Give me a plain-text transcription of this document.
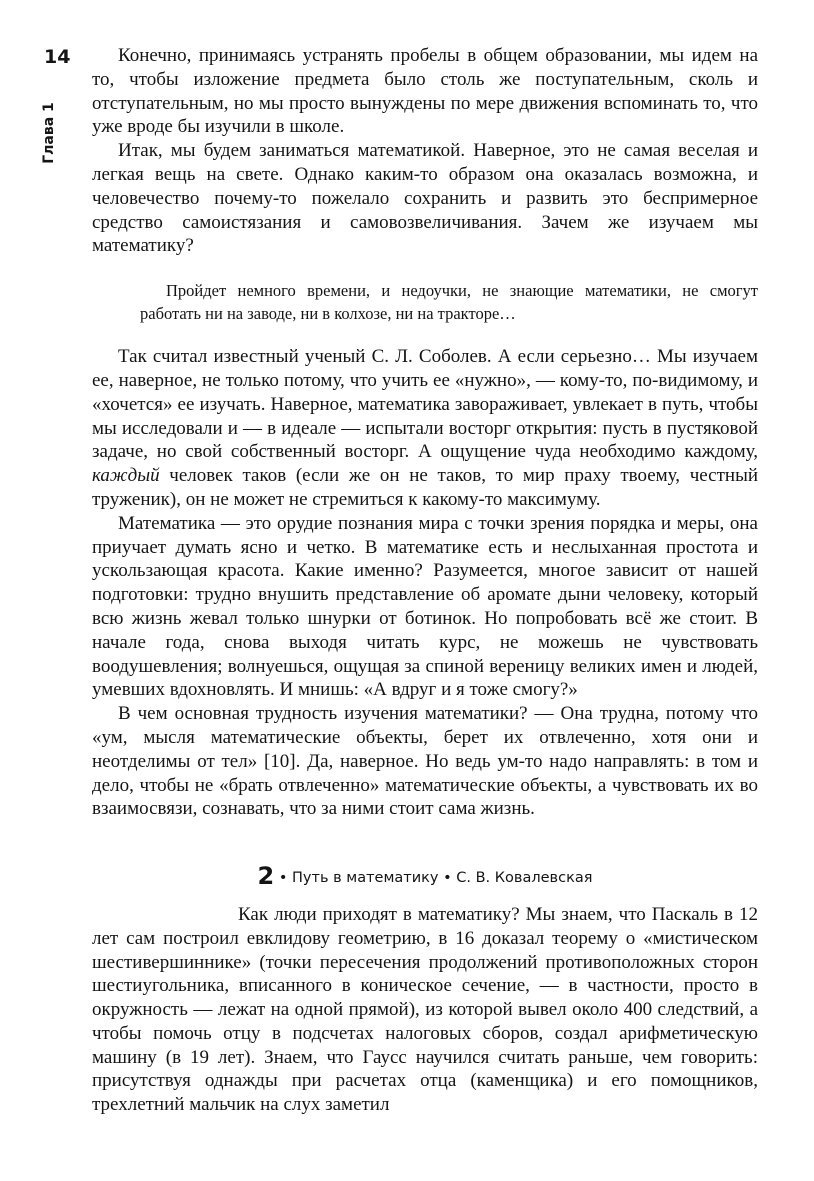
14
Глава 1

Конечно, принимаясь устранять пробелы в общем образовании, мы идем на то, чтобы изложение предмета было столь же поступательным, сколь и отступательным, но мы просто вынуждены по мере движения вспоминать то, что уже вроде бы изучили в школе.

Итак, мы будем заниматься математикой. Наверное, это не самая веселая и легкая вещь на свете. Однако каким-то образом она оказалась возможна, и человечество почему-то пожелало сохранить и развить это беспримерное средство самоистязания и самовозвеличивания. Зачем же изучаем мы математику?

Пройдет немного времени, и недоучки, не знающие математики, не смогут работать ни на заводе, ни в колхозе, ни на тракторе…

Так считал известный ученый С. Л. Соболев. А если серьезно… Мы изучаем ее, наверное, не только потому, что учить ее «нужно», — кому-то, по-видимому, и «хочется» ее изучать. Наверное, математика завораживает, увлекает в путь, чтобы мы исследовали и — в идеале — испытали восторг открытия: пусть в пустяковой задаче, но свой собственный восторг. А ощущение чуда необходимо каждому, каждый человек таков (если же он не таков, то мир праху твоему, честный труженик), он не может не стремиться к какому-то максимуму.

Математика — это орудие познания мира с точки зрения порядка и меры, она приучает думать ясно и четко. В математике есть и неслыханная простота и ускользающая красота. Какие именно? Разумеется, многое зависит от нашей подготовки: трудно внушить представление об аромате дыни человеку, который всю жизнь жевал только шнурки от ботинок. Но попробовать всё же стоит. В начале года, снова выходя читать курс, не можешь не чувствовать воодушевления; волнуешься, ощущая за спиной вереницу великих имен и людей, умевших вдохновлять. И мнишь: «А вдруг и я тоже смогу?»

В чем основная трудность изучения математики? — Она трудна, потому что «ум, мысля математические объекты, берет их отвлеченно, хотя они и неотделимы от тел» [10]. Да, наверное. Но ведь ум-то надо направлять: в том и дело, чтобы не «брать отвлеченно» математические объекты, а чувствовать их во взаимосвязи, сознавать, что за ними стоит сама жизнь.

2 • Путь в математику • С. В. Ковалевская

Как люди приходят в математику? Мы знаем, что Паскаль в 12 лет сам построил евклидову геометрию, в 16 доказал теорему о «мистическом шестивершиннике» (точки пересечения продолжений противоположных сторон шестиугольника, вписанного в коническое сечение, — в частности, просто в окружность — лежат на одной прямой), из которой вывел около 400 следствий, а чтобы помочь отцу в подсчетах налоговых сборов, создал арифметическую машину (в 19 лет). Знаем, что Гаусс научился считать раньше, чем говорить: присутствуя однажды при расчетах отца (каменщика) и его помощников, трехлетний мальчик на слух заметил
